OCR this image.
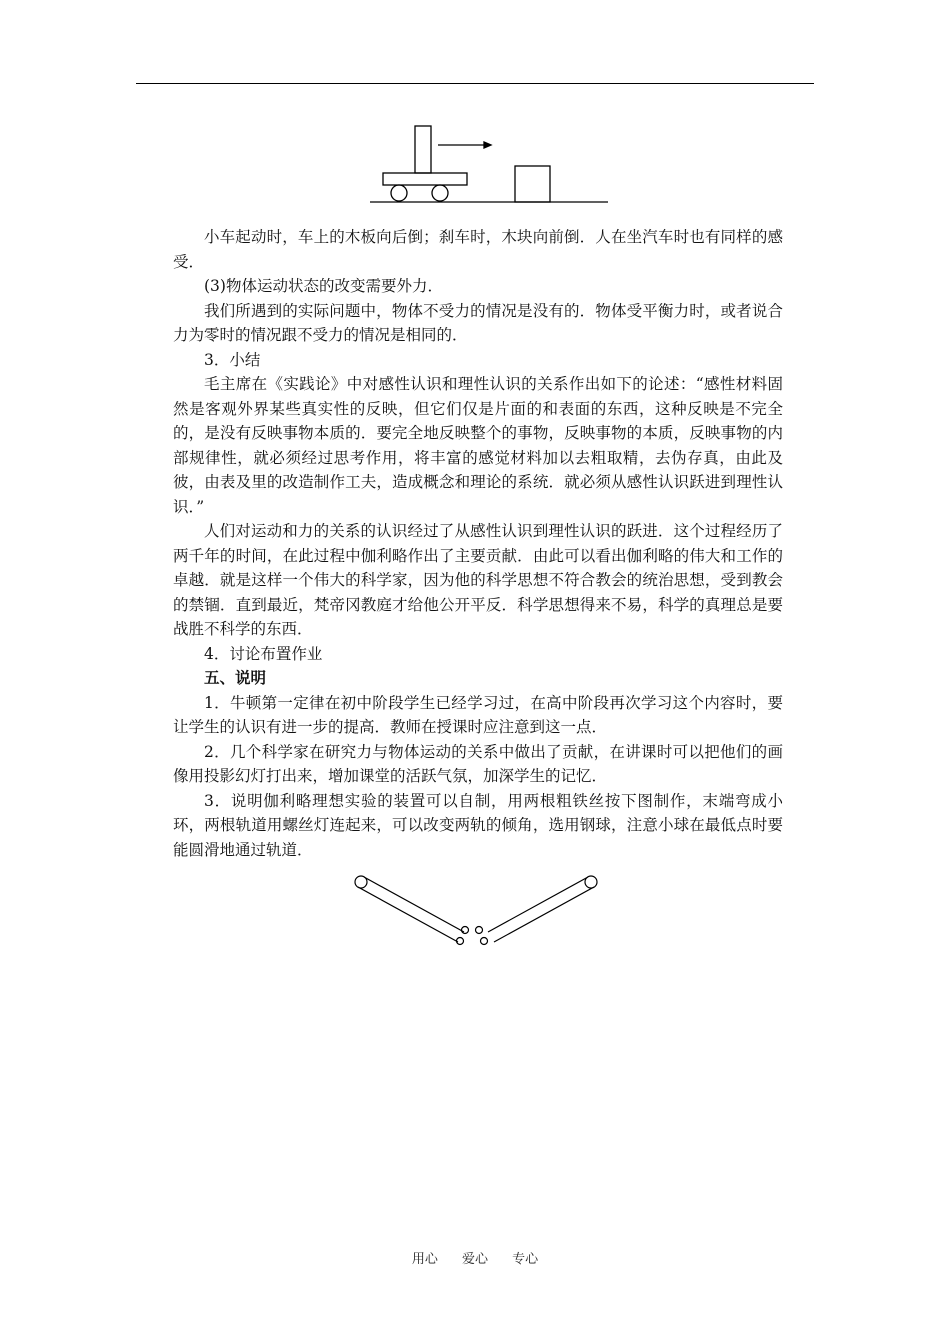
小车起动时，车上的木板向后倒；刹车时，木块向前倒．人在坐汽车时也有同样的感受．

(3)物体运动状态的改变需要外力．

我们所遇到的实际问题中，物体不受力的情况是没有的．物体受平衡力时，或者说合力为零时的情况跟不受力的情况是相同的．

3．小结

毛主席在《实践论》中对感性认识和理性认识的关系作出如下的论述：“感性材料固然是客观外界某些真实性的反映，但它们仅是片面的和表面的东西，这种反映是不完全的，是没有反映事物本质的．要完全地反映整个的事物，反映事物的本质，反映事物的内部规律性，就必须经过思考作用，将丰富的感觉材料加以去粗取精，去伪存真，由此及彼，由表及里的改造制作工夫，造成概念和理论的系统．就必须从感性认识跃进到理性认识．”

人们对运动和力的关系的认识经过了从感性认识到理性认识的跃进．这个过程经历了两千年的时间，在此过程中伽利略作出了主要贡献．由此可以看出伽利略的伟大和工作的卓越．就是这样一个伟大的科学家，因为他的科学思想不符合教会的统治思想，受到教会的禁锢．直到最近，梵帝冈教庭才给他公开平反．科学思想得来不易，科学的真理总是要战胜不科学的东西．

4．讨论布置作业

五、说明

1．牛顿第一定律在初中阶段学生已经学习过，在高中阶段再次学习这个内容时，要让学生的认识有进一步的提高．教师在授课时应注意到这一点．

2．几个科学家在研究力与物体运动的关系中做出了贡献，在讲课时可以把他们的画像用投影幻灯打出来，增加课堂的活跃气氛，加深学生的记忆．

3．说明伽利略理想实验的装置可以自制，用两根粗铁丝按下图制作，末端弯成小环，两根轨道用螺丝灯连起来，可以改变两轨的倾角，选用钢球，注意小球在最低点时要能圆滑地通过轨道．

用心 爱心 专心
